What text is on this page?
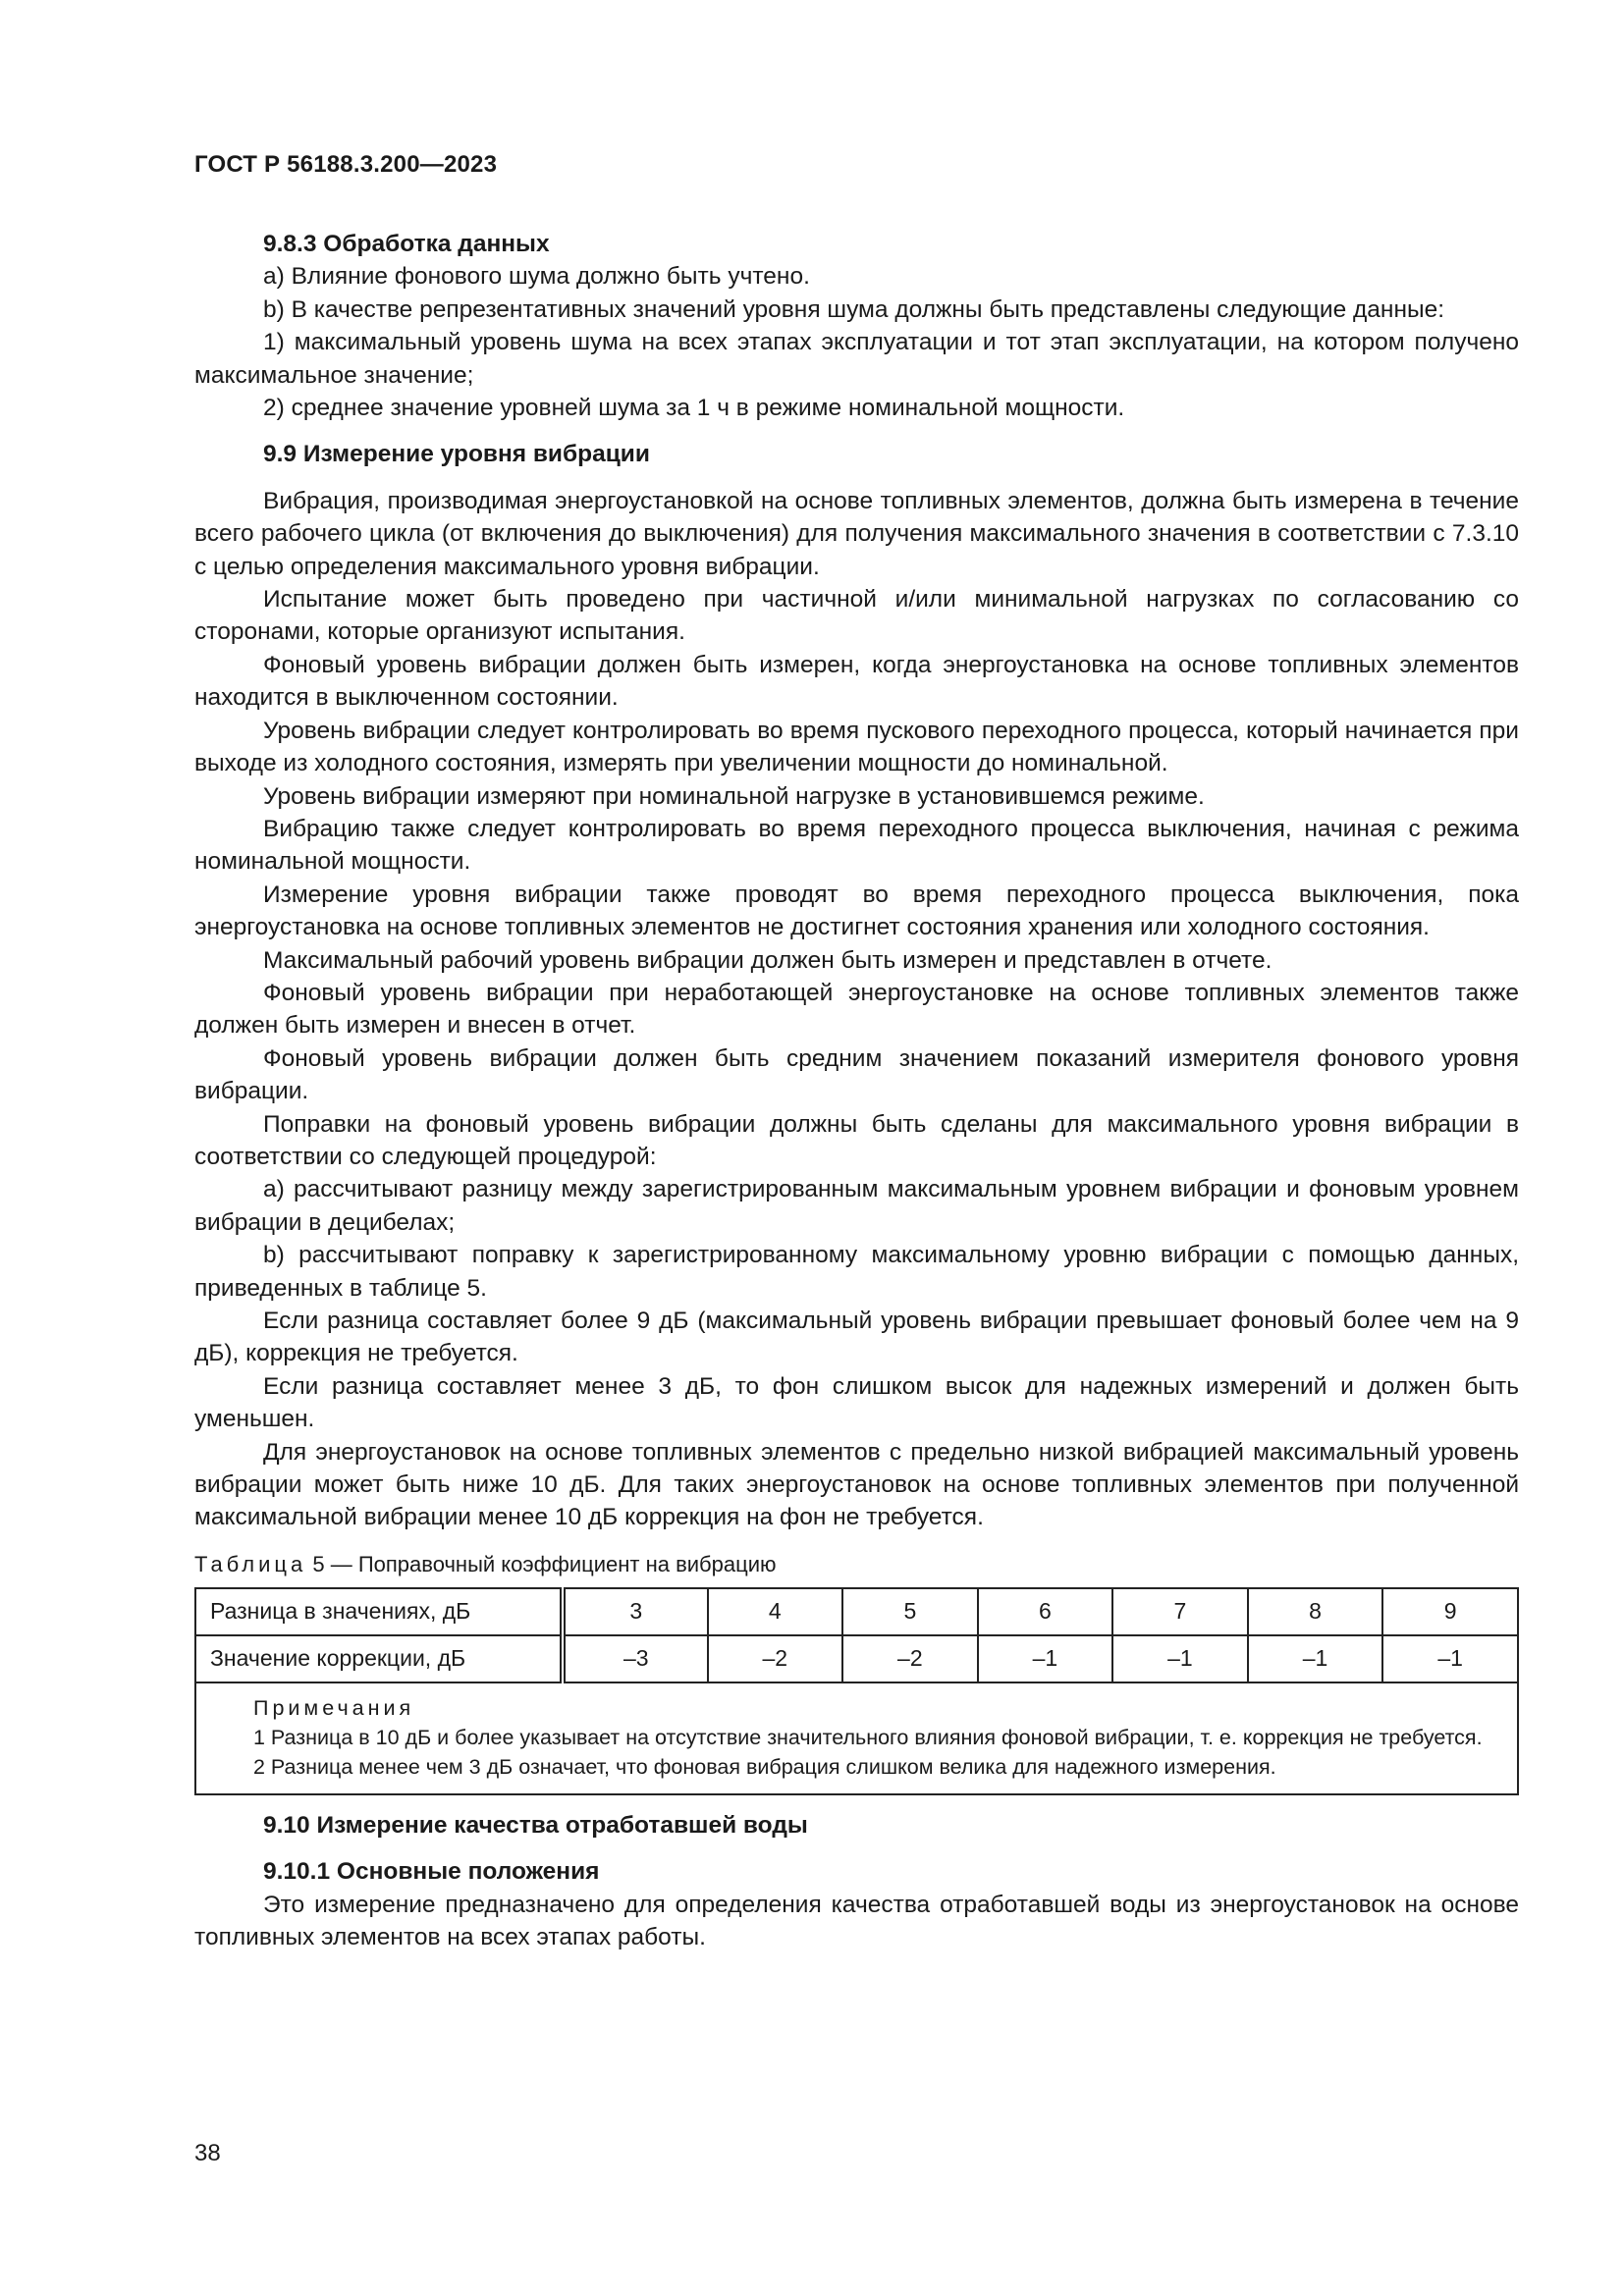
ГОСТ Р 56188.3.200—2023

9.8.3 Обработка данных

a) Влияние фонового шума должно быть учтено.

b) В качестве репрезентативных значений уровня шума должны быть представлены следующие данные:

1) максимальный уровень шума на всех этапах эксплуатации и тот этап эксплуатации, на котором получено максимальное значение;

2) среднее значение уровней шума за 1 ч в режиме номинальной мощности.

9.9 Измерение уровня вибрации

Вибрация, производимая энергоустановкой на основе топливных элементов, должна быть измерена в течение всего рабочего цикла (от включения до выключения) для получения максимального значения в соответствии с 7.3.10 с целью определения максимального уровня вибрации.

Испытание может быть проведено при частичной и/или минимальной нагрузках по согласованию со сторонами, которые организуют испытания.

Фоновый уровень вибрации должен быть измерен, когда энергоустановка на основе топливных элементов находится в выключенном состоянии.

Уровень вибрации следует контролировать во время пускового переходного процесса, который начинается при выходе из холодного состояния, измерять при увеличении мощности до номинальной.

Уровень вибрации измеряют при номинальной нагрузке в установившемся режиме.

Вибрацию также следует контролировать во время переходного процесса выключения, начиная с режима номинальной мощности.

Измерение уровня вибрации также проводят во время переходного процесса выключения, пока энергоустановка на основе топливных элементов не достигнет состояния хранения или холодного состояния.

Максимальный рабочий уровень вибрации должен быть измерен и представлен в отчете.

Фоновый уровень вибрации при неработающей энергоустановке на основе топливных элементов также должен быть измерен и внесен в отчет.

Фоновый уровень вибрации должен быть средним значением показаний измерителя фонового уровня вибрации.

Поправки на фоновый уровень вибрации должны быть сделаны для максимального уровня вибрации в соответствии со следующей процедурой:

a) рассчитывают разницу между зарегистрированным максимальным уровнем вибрации и фоновым уровнем вибрации в децибелах;

b) рассчитывают поправку к зарегистрированному максимальному уровню вибрации с помощью данных, приведенных в таблице 5.

Если разница составляет более 9 дБ (максимальный уровень вибрации превышает фоновый более чем на 9 дБ), коррекция не требуется.

Если разница составляет менее 3 дБ, то фон слишком высок для надежных измерений и должен быть уменьшен.

Для энергоустановок на основе топливных элементов с предельно низкой вибрацией максимальный уровень вибрации может быть ниже 10 дБ. Для таких энергоустановок на основе топливных элементов при полученной максимальной вибрации менее 10 дБ коррекция на фон не требуется.

Таблица 5 — Поправочный коэффициент на вибрацию

Разница в значениях, дБ	3	4	5	6	7	8	9
Значение коррекции, дБ	–3	–2	–2	–1	–1	–1	–1

Примечания

1 Разница в 10 дБ и более указывает на отсутствие значительного влияния фоновой вибрации, т. е. коррекция не требуется.

2 Разница менее чем 3 дБ означает, что фоновая вибрация слишком велика для надежного измерения.							

9.10 Измерение качества отработавшей воды

9.10.1 Основные положения

Это измерение предназначено для определения качества отработавшей воды из энергоустановок на основе топливных элементов на всех этапах работы.

38
